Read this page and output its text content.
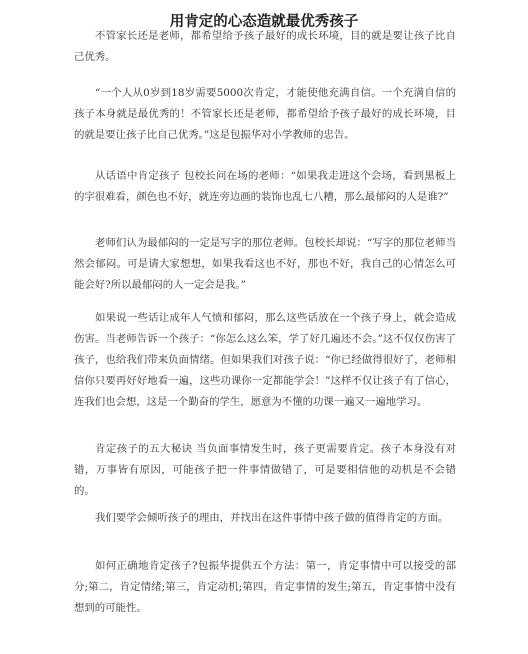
用肯定的心态造就最优秀孩子

不管家长还是老师，都希望给予孩子最好的成长环境，目的就是要让孩子比自己优秀。

“一个人从0岁到18岁需要5000次肯定，才能使他充满自信。一个充满自信的孩子本身就是最优秀的！不管家长还是老师，都希望给予孩子最好的成长环境，目的就是要让孩子比自己优秀。”这是包振华对小学教师的忠告。

从话语中肯定孩子 包校长问在场的老师：“如果我走进这个会场，看到黑板上的字很难看，颜色也不好，就连旁边画的装饰也乱七八糟，那么最郁闷的人是谁?”

老师们认为最郁闷的一定是写字的那位老师。包校长却说：“写字的那位老师当然会郁闷。可是请大家想想，如果我看这也不好，那也不好，我自己的心情怎么可能会好?所以最郁闷的人一定会是我。”

如果说一些话让成年人气愤和郁闷，那么这些话放在一个孩子身上，就会造成伤害。当老师告诉一个孩子：“你怎么这么笨，学了好几遍还不会。”这不仅仅伤害了孩子，也给我们带来负面情绪。但如果我们对孩子说：“你已经做得很好了，老师相信你只要再好好地看一遍，这些功课你一定都能学会！”这样不仅让孩子有了信心，连我们也会想，这是一个勤奋的学生，愿意为不懂的功课一遍又一遍地学习。

肯定孩子的五大秘诀 当负面事情发生时，孩子更需要肯定。孩子本身没有对错，万事皆有原因，可能孩子把一件事情做错了，可是要相信他的动机是不会错的。

我们要学会倾听孩子的理由，并找出在这件事情中孩子做的值得肯定的方面。

如何正确地肯定孩子?包振华提供五个方法：第一，肯定事情中可以接受的部分;第二，肯定情绪;第三，肯定动机;第四，肯定事情的发生;第五，肯定事情中没有想到的可能性。
